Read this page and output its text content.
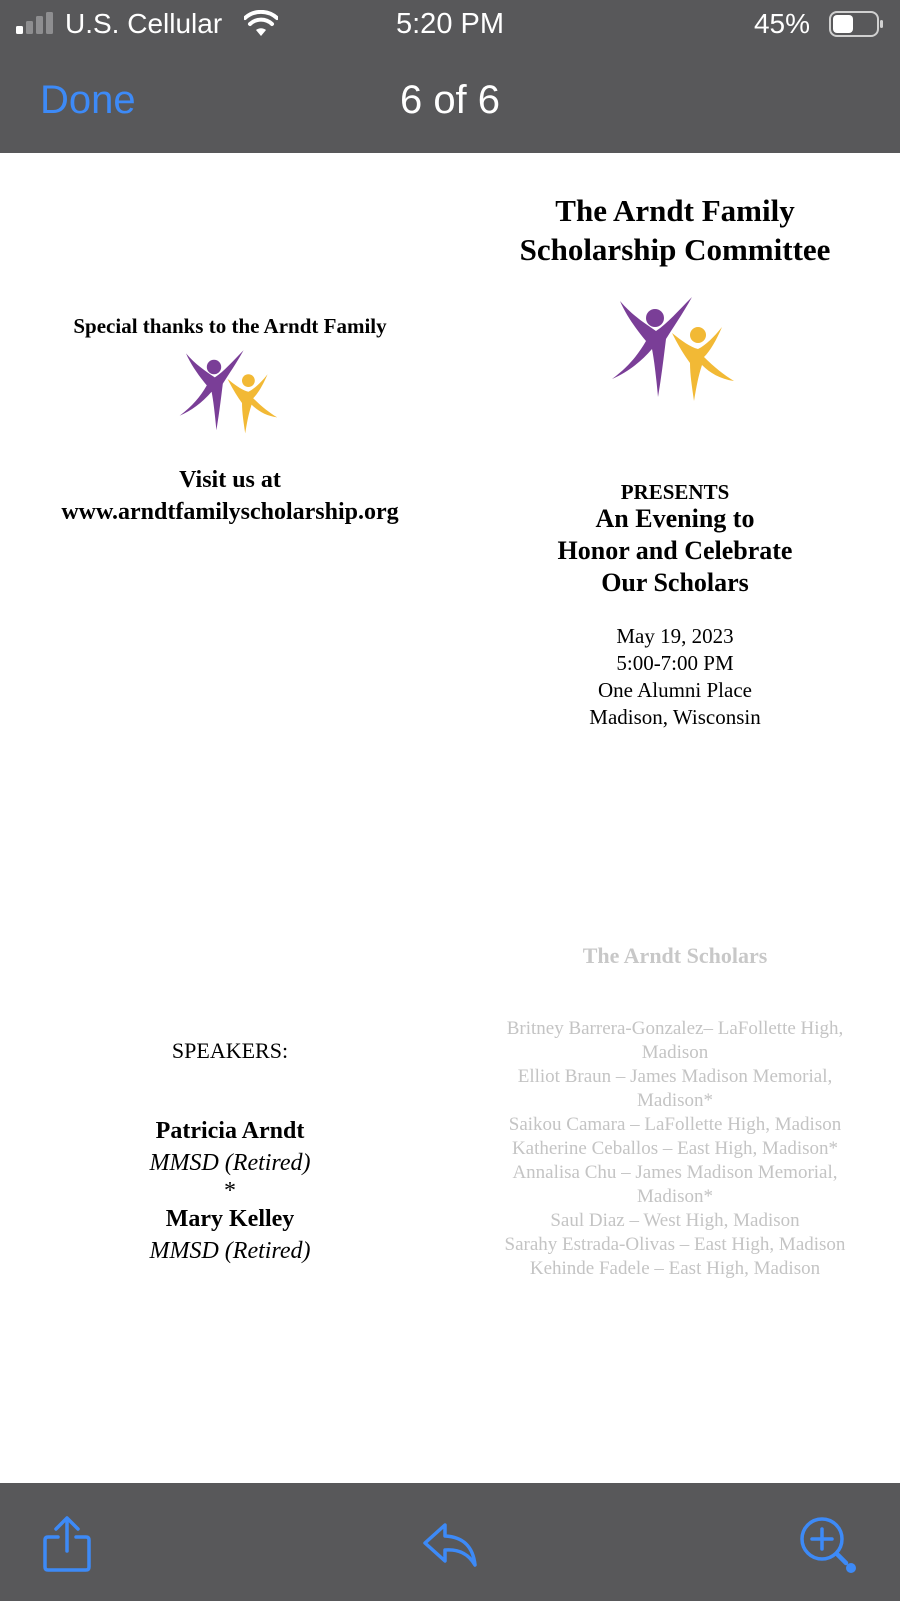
U.S. Cellular	5:20 PM	45%
Done	6 of 6
The Arndt Family
Scholarship Committee
PRESENTS
An Evening to
Honor and Celebrate
Our Scholars
May 19, 2023
5:00-7:00 PM
One Alumni Place
Madison, Wisconsin
Special thanks to the Arndt Family
Visit us at
www.arndtfamilyscholarship.org
SPEAKERS:
Patricia Arndt
MMSD (Retired)
*
Mary Kelley
MMSD (Retired)
The Arndt Scholars
Britney Barrera-Gonzalez– LaFollette High, Madison
Elliot Braun – James Madison Memorial, Madison*
Saikou Camara – LaFollette High, Madison
Katherine Ceballos – East High, Madison*
Annalisa Chu – James Madison Memorial, Madison*
Saul Diaz – West High, Madison
Sarahy Estrada-Olivas – East High, Madison
Kehinde Fadele – East High, Madison
